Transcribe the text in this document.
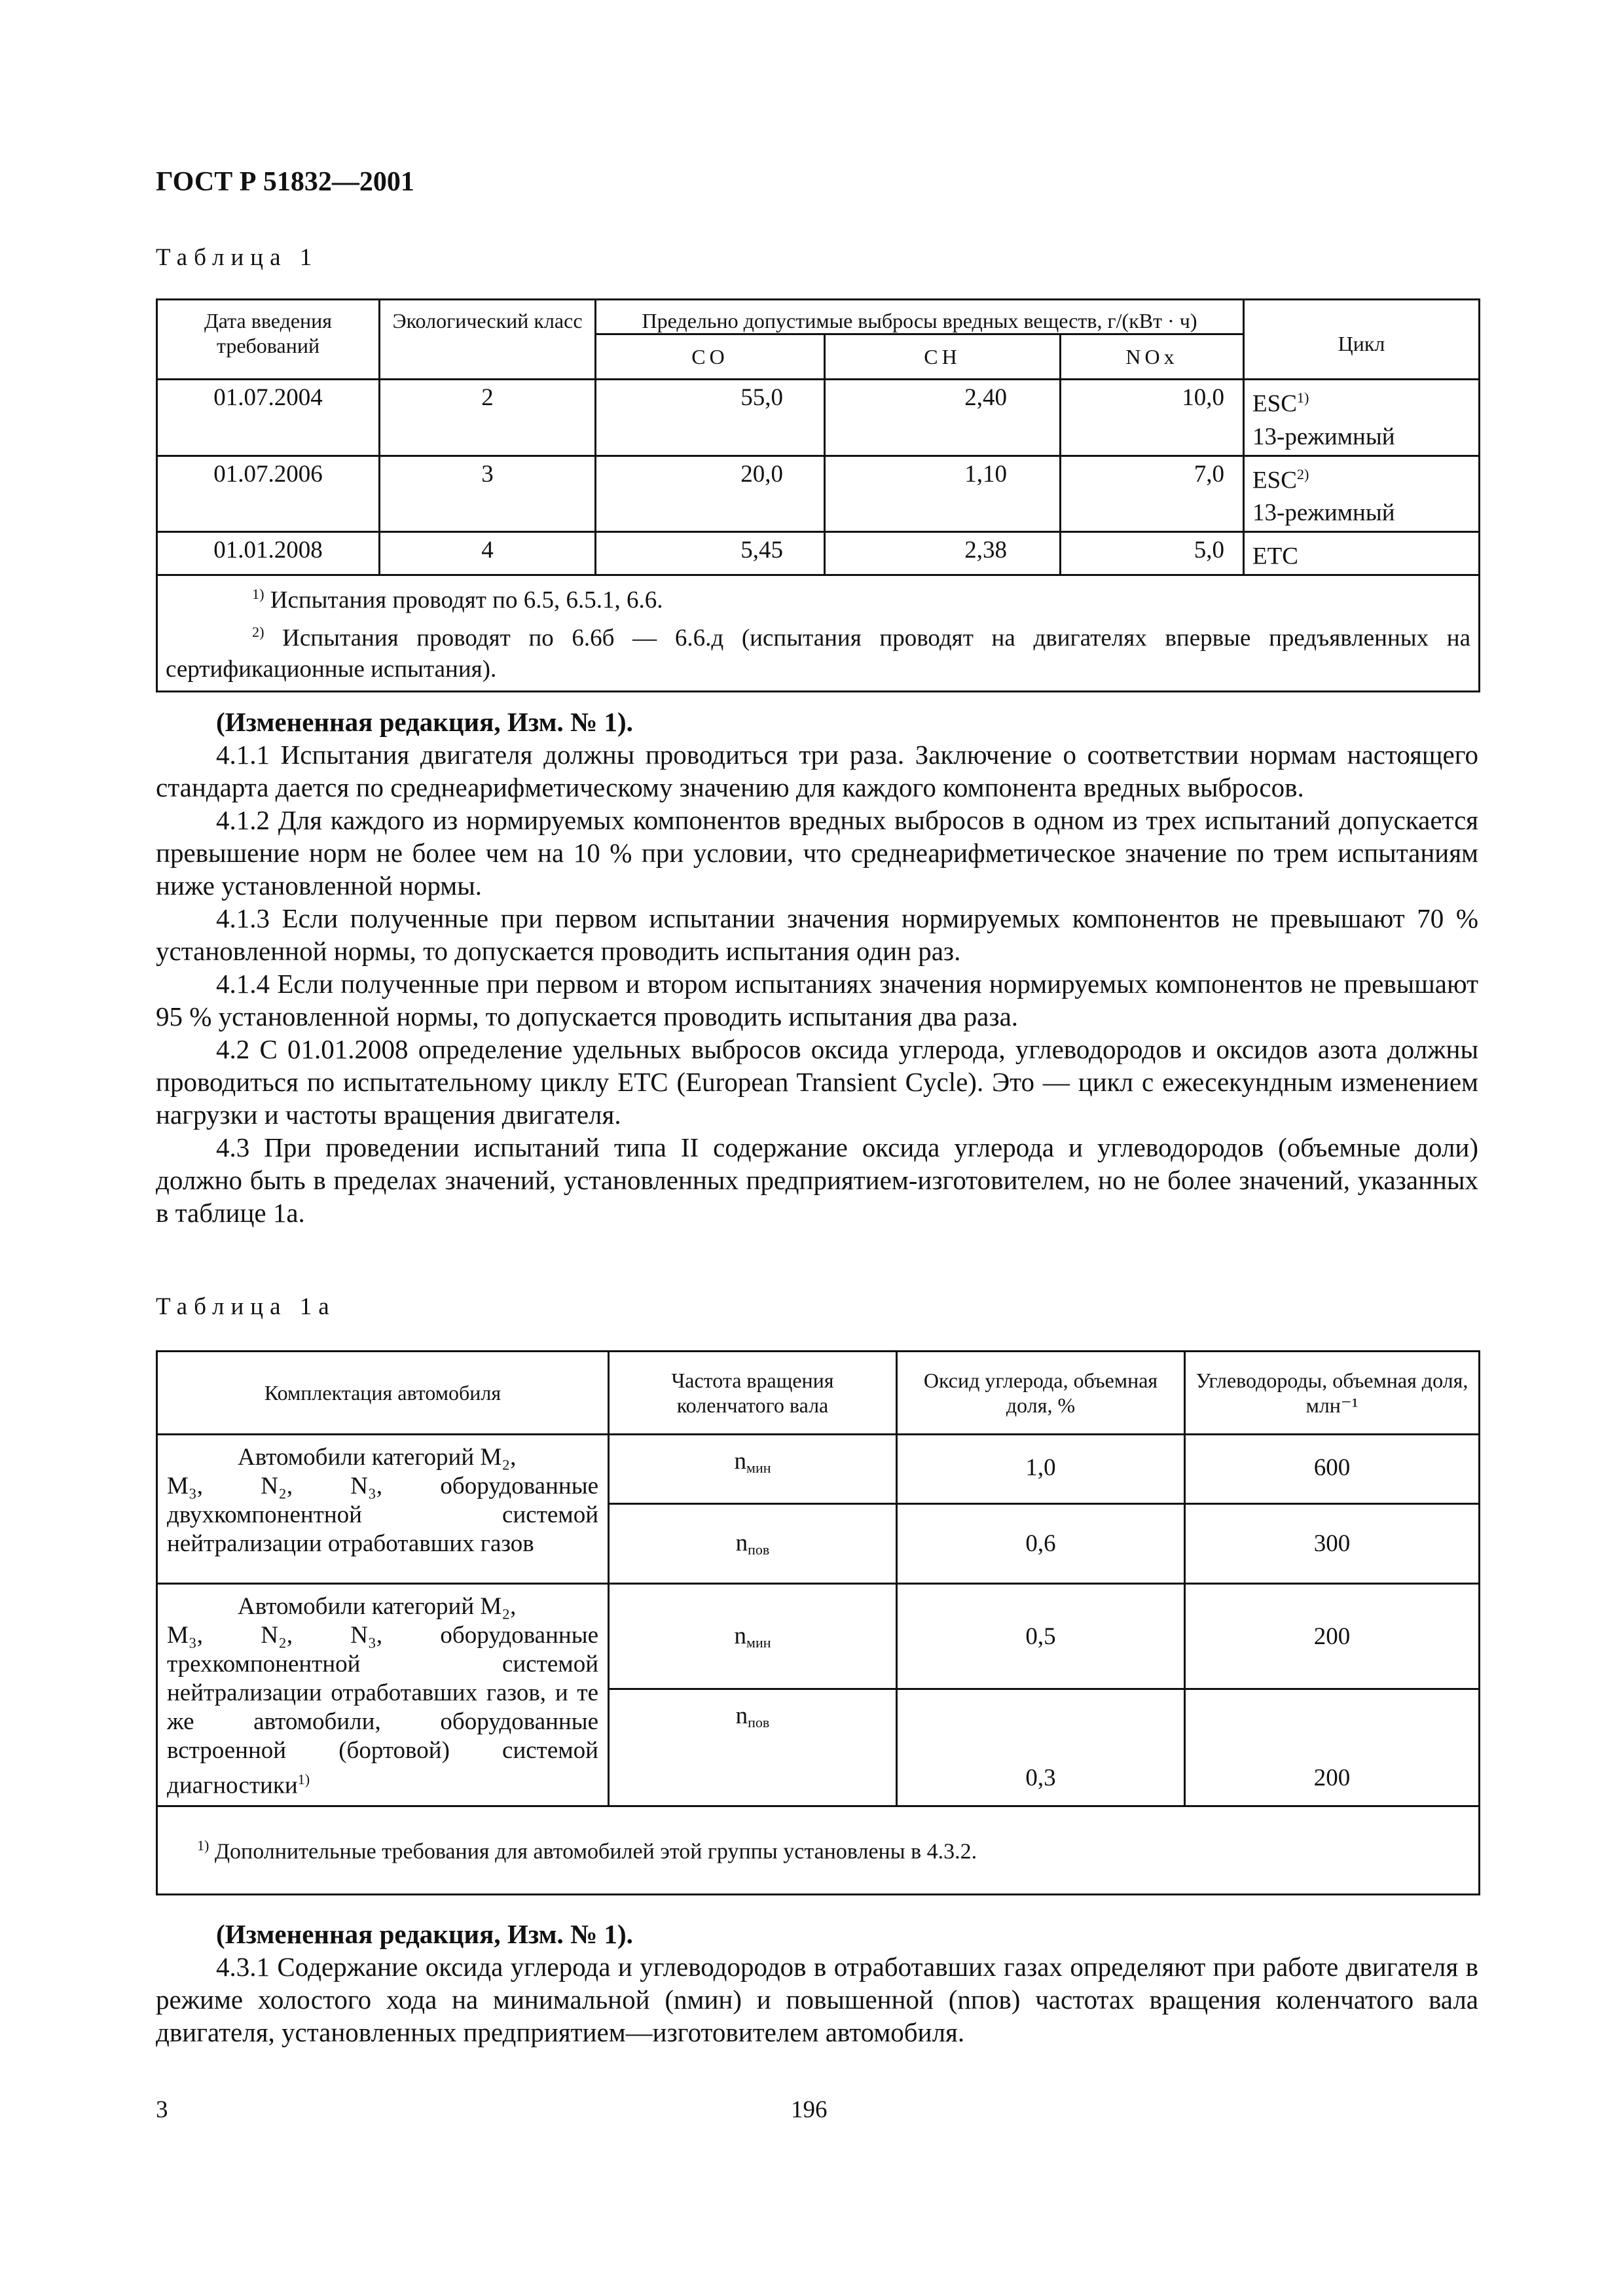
ГОСТ Р 51832—2001
Таблица 1
Дата введения требований	Экологический класс	Предельно допустимые выбросы вредных веществ, г/(кВт · ч)			Цикл
		CO	CH	NOx	
01.07.2004	2	55,0	2,40	10,0	ESC$^{1)}$
13-режимный
01.07.2006	3	20,0	1,10	7,0	ESC$^{2)}$
13-режимный
01.01.2008	4	5,45	2,38	5,0	ETC

$^{1)}$ Испытания проводят по 6.5, 6.5.1, 6.6.
$^{2)}$ Испытания проводят по 6.6б — 6.6.д (испытания проводят на двигателях впервые предъявленных на сертификационные испытания).					

(Измененная редакция, Изм. № 1).

4.1.1 Испытания двигателя должны проводиться три раза. Заключение о соответствии нормам настоящего стандарта дается по среднеарифметическому значению для каждого компонента вредных выбросов.

4.1.2 Для каждого из нормируемых компонентов вредных выбросов в одном из трех испытаний допускается превышение норм не более чем на 10 % при условии, что среднеарифметическое значение по трем испытаниям ниже установленной нормы.

4.1.3 Если полученные при первом испытании значения нормируемых компонентов не превышают 70 % установленной нормы, то допускается проводить испытания один раз.

4.1.4 Если полученные при первом и втором испытаниях значения нормируемых компонентов не превышают 95 % установленной нормы, то допускается проводить испытания два раза.

4.2 С 01.01.2008 определение удельных выбросов оксида углерода, углеводородов и оксидов азота должны проводиться по испытательному циклу ETC (European Transient Cycle). Это — цикл с ежесекундным изменением нагрузки и частоты вращения двигателя.

4.3 При проведении испытаний типа II содержание оксида углерода и углеводородов (объемные доли) должно быть в пределах значений, установленных предприятием-изготовителем, но не более значений, указанных в таблице 1а.

Таблица 1а
Комплектация автомобиля	Частота вращения коленчатого вала	Оксид углерода, объемная доля, %	Углеводороды, объемная доля, млн⁻¹

Автомобили категорий M₂,
M₃, N₂, N₃, оборудованные двухкомпонентной системой нейтрализации отработавших газов	$n_{мин}$	1,0	600
	$n_{пов}$	0,6	300

Автомобили категорий M₂,
M₃, N₂, N₃, оборудованные трехкомпонентной системой нейтрализации отработавших газов, и те же автомобили, оборудованные встроенной (бортовой) системой диагностики$^{1)}$	$n_{мин}$	0,5	200
	$n_{пов}$	0,3	200
$^{1)}$ Дополнительные требования для автомобилей этой группы установлены в 4.3.2.			

(Измененная редакция, Изм. № 1).

4.3.1 Содержание оксида углерода и углеводородов в отработавших газах определяют при работе двигателя в режиме холостого хода на минимальной (nмин) и повышенной (nпов) частотах вращения коленчатого вала двигателя, установленных предприятием—изготовителем автомобиля.

3	196
